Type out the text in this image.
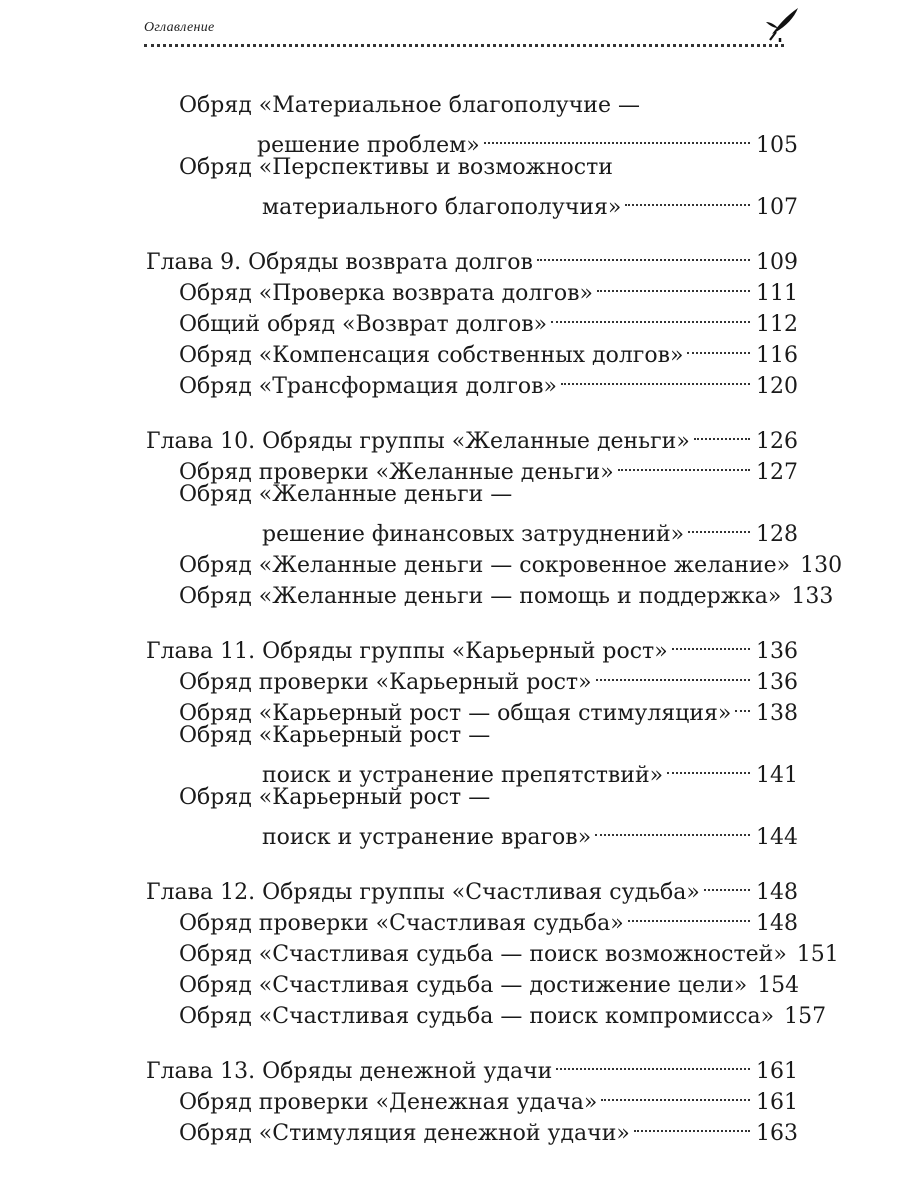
Оглавление
Обряд «Материальное благополучие —
решение проблем»	105
Обряд «Перспективы и возможности
материального благополучия»	107
Глава 9. Обряды возврата долгов	109
Обряд «Проверка возврата долгов»	111
Общий обряд «Возврат долгов»	112
Обряд «Компенсация собственных долгов»	116
Обряд «Трансформация долгов»	120
Глава 10. Обряды группы «Желанные деньги»	126
Обряд проверки «Желанные деньги»	127
Обряд «Желанные деньги —
решение финансовых затруднений»	128
Обряд «Желанные деньги — сокровенное желание» 130
Обряд «Желанные деньги — помощь и поддержка» 133
Глава 11. Обряды группы «Карьерный рост»	136
Обряд проверки «Карьерный рост»	136
Обряд «Карьерный рост — общая стимуляция» 138
Обряд «Карьерный рост —
поиск и устранение препятствий»	141
Обряд «Карьерный рост —
поиск и устранение врагов»	144
Глава 12. Обряды группы «Счастливая судьба»	148
Обряд проверки «Счастливая судьба»	148
Обряд «Счастливая судьба — поиск возможностей» 151
Обряд «Счастливая судьба — достижение цели» 154
Обряд «Счастливая судьба — поиск компромисса» 157
Глава 13. Обряды денежной удачи	161
Обряд проверки «Денежная удача»	161
Обряд «Стимуляция денежной удачи»	163
